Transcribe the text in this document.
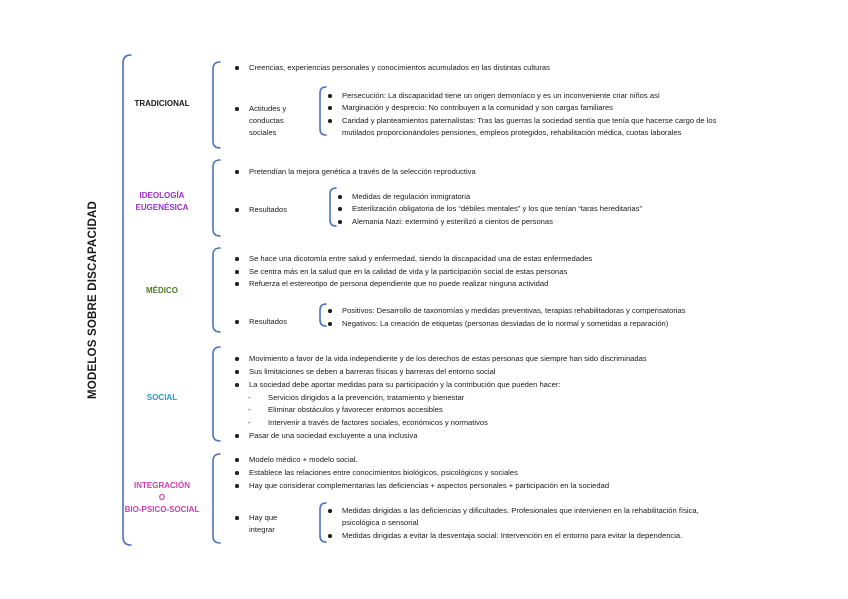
MODELOS SOBRE DISCAPACIDAD
TRADICIONAL
Creencias, experiencias personales y conocimientos acumulados en las distintas culturas
Actitudes y
conductas
sociales
Persecución: La discapacidad tiene un origen demoníaco y es un inconveniente criar niños así
Marginación y desprecio: No contribuyen a la comunidad y son cargas familiares
Caridad y planteamientos paternalistas: Tras las guerras la sociedad sentía que tenía que hacerse cargo de los
mutilados proporcionándoles pensiones, empleos protegidos, rehabilitación médica, cuotas laborales
IDEOLOGÍA
EUGENÉSICA
Pretendían la mejora genética a través de la selección reproductiva
Resultados
Medidas de regulación inmigratoria
Esterilización obligatoria de los “débiles mentales” y los que tenían “taras hereditarias”
Alemania Nazi: exterminó y esterilizó a cientos de personas
MÉDICO
Se hace una dicotomía entre salud y enfermedad, siendo la discapacidad una de estas enfermedades
Se centra más en la salud que en la calidad de vida y la participación social de estas personas
Refuerza el estereotipo de persona dependiente que no puede realizar ninguna actividad
Resultados
Positivos: Desarrollo de taxonomías y medidas preventivas, terapias rehabilitadoras y compensatorias
Negativos: La creación de etiquetas (personas desviadas de lo normal y sometidas a reparación)
SOCIAL
Movimiento a favor de la vida independiente y de los derechos de estas personas que siempre han sido discriminadas
Sus limitaciones se deben a barreras físicas y barreras del entorno social
La sociedad debe aportar medidas para su participación y la contribución que pueden hacer:
- Servicios dirigidos a la prevención, tratamiento y bienestar
- Eliminar obstáculos y favorecer entornos accesibles
- Intervenir a través de factores sociales, económicos y normativos
Pasar de una sociedad excluyente a una inclusiva
INTEGRACIÓN
O
BIO-PSICO-SOCIAL
Modelo médico + modelo social.
Establece las relaciones entre conocimientos biológicos, psicológicos y sociales
Hay que considerar complementarias las deficiencias + aspectos personales + participación en la sociedad
Hay que
integrar
Medidas dirigidas a las deficiencias y dificultades. Profesionales que intervienen en la rehabilitación física,
psicológica o sensorial
Medidas dirigidas a evitar la desventaja social: Intervención en el entorno para evitar la dependencia.
